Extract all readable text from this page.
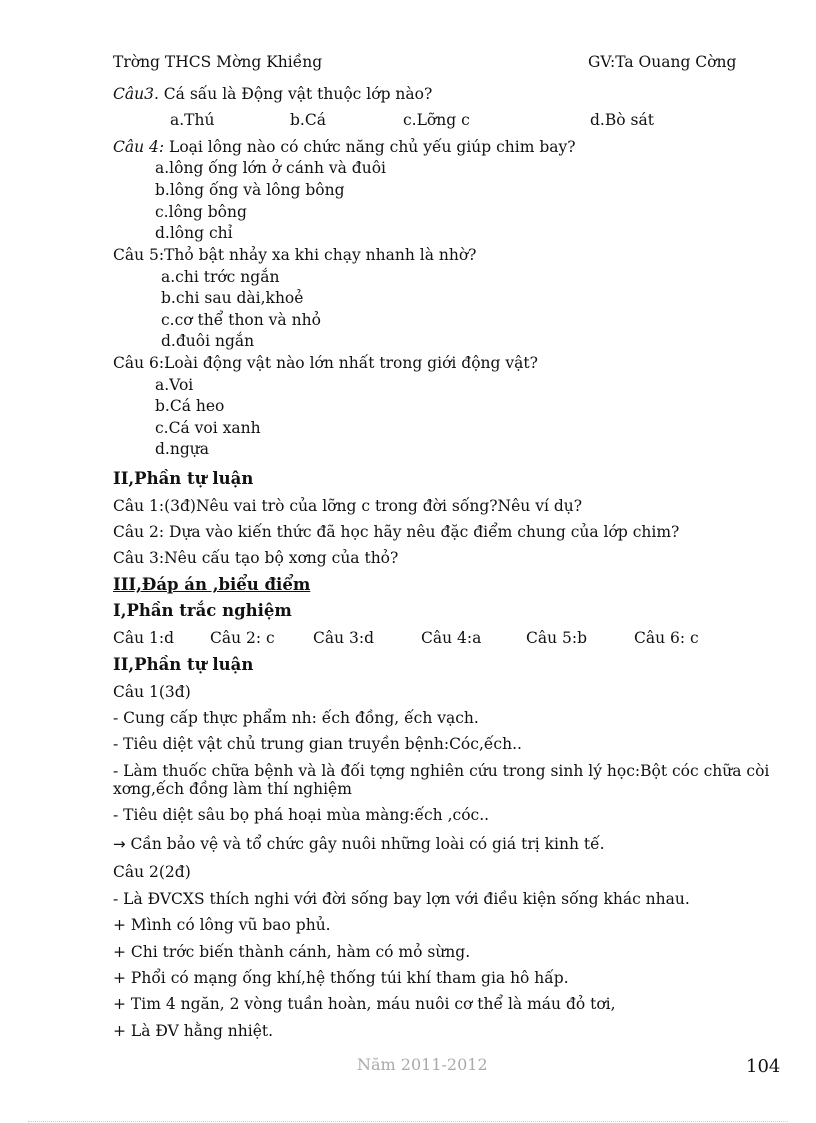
Trờng THCS Mờng Khiềng	GV:Ta Ouang Cờng
Câu3. Cá sấu là Động vật thuộc lớp nào?
a.Thú	b.Cá	c.Lỡng c	d.Bò sát
Câu 4: Loại lông nào có chức năng chủ yếu giúp chim bay?
a.lông ống lớn ở cánh và đuôi
b.lông ống và lông bông
c.lông bông
d.lông chỉ
Câu 5:Thỏ bật nhảy xa khi chạy nhanh là nhờ?
a.chi trớc ngắn
b.chi sau dài,khoẻ
c.cơ thể thon và nhỏ
d.đuôi ngắn
Câu 6:Loài động vật nào lớn nhất trong giới động vật?
a.Voi
b.Cá heo
c.Cá voi xanh
d.ngựa
II,Phần tự luận
Câu 1:(3đ)Nêu vai trò của lỡng c trong đời sống?Nêu ví dụ?
Câu 2: Dựa vào kiến thức đã học hãy nêu đặc điểm chung của lớp chim?
Câu 3:Nêu cấu tạo bộ xơng của thỏ?
III,Đáp án ,biểu điểm
I,Phần trắc nghiệm
Câu 1:d Câu 2: c Câu 3:d	Câu 4:a	Câu 5:b	Câu 6: c
II,Phần tự luận
Câu 1(3đ)
- Cung cấp thực phẩm nh: ếch đồng, ếch vạch.
- Tiêu diệt vật chủ trung gian truyền bệnh:Cóc,ếch..
- Làm thuốc chữa bệnh và là đối tợng nghiên cứu trong sinh lý học:Bột cóc chữa còi
xơng,ếch đồng làm thí nghiệm
- Tiêu diệt sâu bọ phá hoại mùa màng:ếch ,cóc..
→ Cần bảo vệ và tổ chức gây nuôi những loài có giá trị kinh tế.
Câu 2(2đ)
- Là ĐVCXS thích nghi với đời sống bay lợn với điều kiện sống khác nhau.
+ Mình có lông vũ bao phủ.
+ Chi trớc biến thành cánh, hàm có mỏ sừng.
+ Phổi có mạng ống khí,hệ thống túi khí tham gia hô hấp.
+ Tim 4 ngăn, 2 vòng tuần hoàn, máu nuôi cơ thể là máu đỏ tơi,
+ Là ĐV hằng nhiệt.
Năm 2011-2012	104
